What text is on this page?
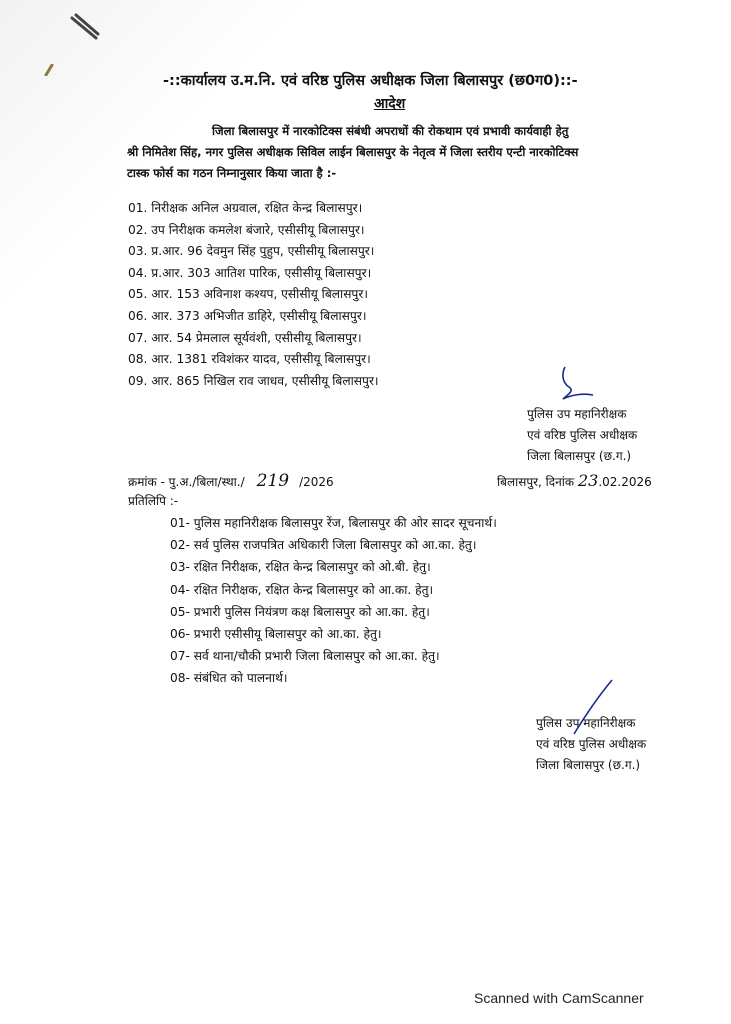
-::कार्यालय उ.म.नि. एवं वरिष्ठ पुलिस अधीक्षक जिला बिलासपुर (छ0ग0)::-
आदेश
जिला बिलासपुर में नारकोटिक्स संबंधी अपराधों की रोकथाम एवं प्रभावी कार्यवाही हेतु
श्री निमितेश सिंह, नगर पुलिस अधीक्षक सिविल लाईन बिलासपुर के नेतृत्व में जिला स्तरीय एन्टी नारकोटिक्स
टास्क फोर्स का गठन निम्नानुसार किया जाता है :-
01. निरीक्षक अनिल अग्रवाल, रक्षित केन्द्र बिलासपुर।
02. उप निरीक्षक कमलेश बंजारे, एसीसीयू बिलासपुर।
03. प्र.आर. 96 देवमुन सिंह पुहुप, एसीसीयू बिलासपुर।
04. प्र.आर. 303 आतिश पारिक, एसीसीयू बिलासपुर।
05. आर. 153 अविनाश कश्यप, एसीसीयू बिलासपुर।
06. आर. 373 अभिजीत डाहिरे, एसीसीयू बिलासपुर।
07. आर. 54 प्रेमलाल सूर्यवंशी, एसीसीयू बिलासपुर।
08. आर. 1381 रविशंकर यादव, एसीसीयू बिलासपुर।
09. आर. 865 निखिल राव जाधव, एसीसीयू बिलासपुर।
पुलिस उप महानिरीक्षक
एवं वरिष्ठ पुलिस अधीक्षक
जिला बिलासपुर (छ.ग.)
क्रमांक - पु.अ./बिला/स्था./ 219 /2026	बिलासपुर, दिनांक 23.02.2026
प्रतिलिपि :-
01- पुलिस महानिरीक्षक बिलासपुर रेंज, बिलासपुर की ओर सादर सूचनार्थ।
02- सर्व पुलिस राजपत्रित अधिकारी जिला बिलासपुर को आ.का. हेतु।
03- रक्षित निरीक्षक, रक्षित केन्द्र बिलासपुर को ओ.बी. हेतु।
04- रक्षित निरीक्षक, रक्षित केन्द्र बिलासपुर को आ.का. हेतु।
05- प्रभारी पुलिस नियंत्रण कक्ष बिलासपुर को आ.का. हेतु।
06- प्रभारी एसीसीयू बिलासपुर को आ.का. हेतु।
07- सर्व थाना/चौकी प्रभारी जिला बिलासपुर को आ.का. हेतु।
08- संबंधित को पालनार्थ।
पुलिस उप महानिरीक्षक
एवं वरिष्ठ पुलिस अधीक्षक
जिला बिलासपुर (छ.ग.)
Scanned with CamScanner
